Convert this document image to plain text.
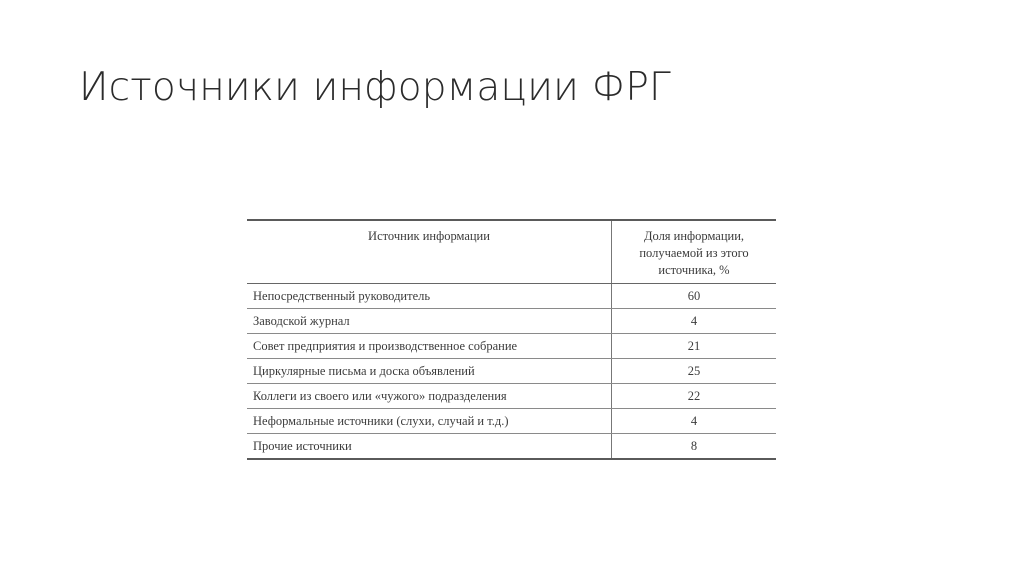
Источники информации ФРГ
Источник информации	Доля информации,
получаемой из этого
источника, %
Непосредственный руководитель	60
Заводской журнал	4
Совет предприятия и производственное собрание	21
Циркулярные письма и доска объявлений	25
Коллеги из своего или «чужого» подразделения	22
Неформальные источники (слухи, случай и т.д.)	4
Прочие источники	8
